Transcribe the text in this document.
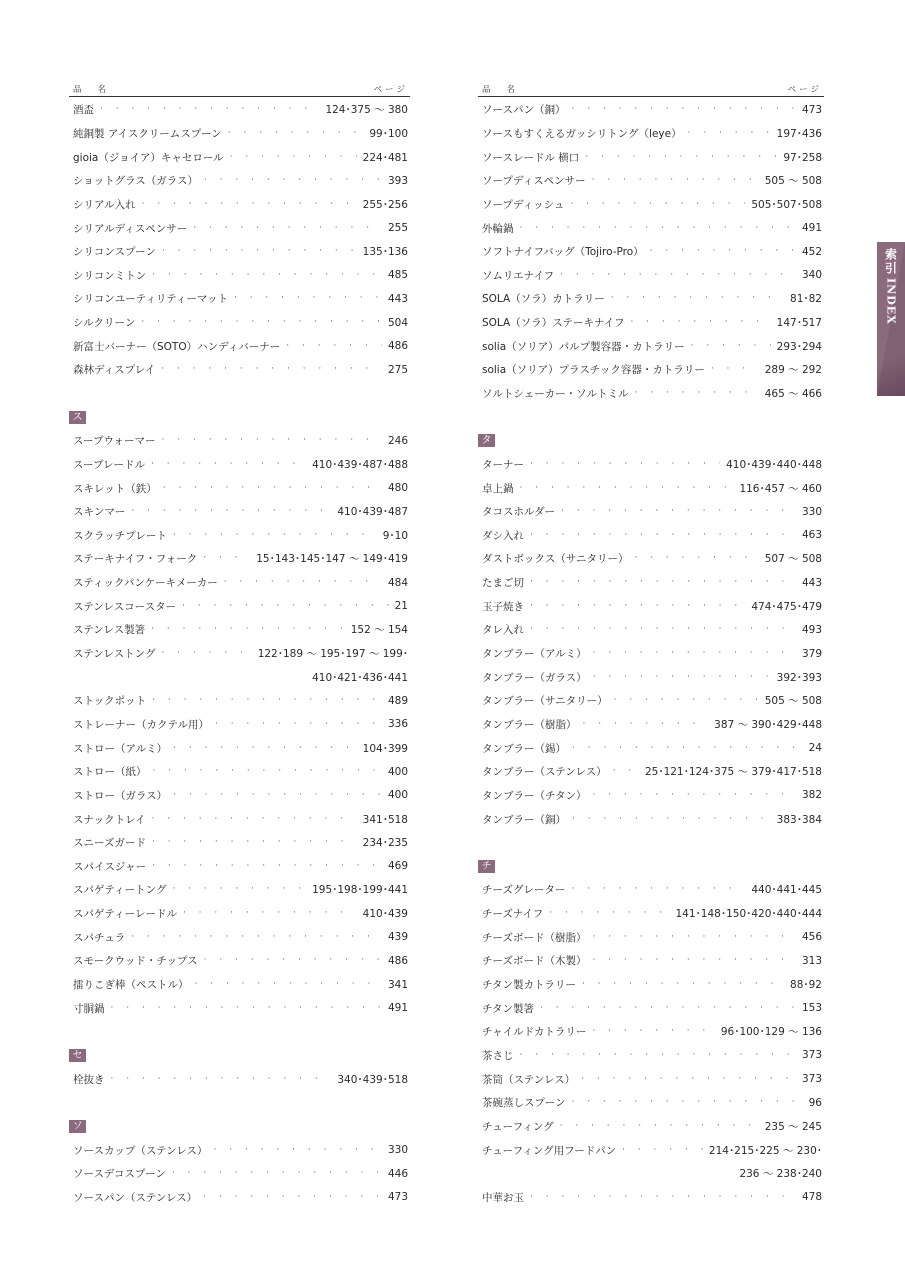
品名	ページ
酒盃 · · ·	124･375 ～ 380
純銅製 アイスクリームスプーン · · ·	99･100
gioia（ジョイア）キャセロール · · ·	224･481
ショットグラス（ガラス） · · ·	393
シリアル入れ · · ·	255･256
シリアルディスペンサー · · ·	255
シリコンスプーン · · ·	135･136
シリコンミトン · · ·	485
シリコンユーティリティーマット · · ·	443
シルクリーン · · ·	504
新富士バーナー（SOTO）ハンディバーナー · · ·	486
森林ディスプレイ · · ·	275
ス
スープウォーマー · · ·	246
スープレードル · · ·	410･439･487･488
スキレット（鉄） · · ·	480
スキンマー · · ·	410･439･487
スクラッチプレート · · ·	9･10
ステーキナイフ・フォーク · · ·	15･143･145･147 ～ 149･419
スティックパンケーキメーカー · · ·	484
ステンレスコースター · · ·	21
ステンレス製箸 · · ·	152 ～ 154
ステンレストング · · ·	122･189 ～ 195･197 ～ 199･
410･421･436･441
ストックポット · · ·	489
ストレーナー（カクテル用） · · ·	336
ストロー（アルミ） · · ·	104･399
ストロー（紙） · · ·	400
ストロー（ガラス） · · ·	400
スナックトレイ · · ·	341･518
スニーズガード · · ·	234･235
スパイスジャー · · ·	469
スパゲティートング · · ·	195･198･199･441
スパゲティーレードル · · ·	410･439
スパチュラ · · ·	439
スモークウッド・チップス · · ·	486
擂りこぎ棒（ペストル） · · ·	341
寸胴鍋 · · ·	491
セ
栓抜き · · ·	340･439･518
ソ
ソースカップ（ステンレス） · · ·	330
ソースデコスプーン · · ·	446
ソースパン（ステンレス） · · ·	473
品名	ページ
ソースパン（銅） · · ·	473
ソースもすくえるガッシリトング（leye） · · ·	197･436
ソースレードル 横口 · · ·	97･258
ソープディスペンサー · · ·	505 ～ 508
ソープディッシュ · · ·	505･507･508
外輪鍋 · · ·	491
ソフトナイフバッグ（Tojiro-Pro） · · ·	452
ソムリエナイフ · · ·	340
SOLA（ソラ）カトラリー · · ·	81･82
SOLA（ソラ）ステーキナイフ · · ·	147･517
solia（ソリア）パルプ製容器・カトラリー · · ·	293･294
solia（ソリア）プラスチック容器・カトラリー · · ·	289 ～ 292
ソルトシェーカー・ソルトミル · · ·	465 ～ 466
タ
ターナー · · ·	410･439･440･448
卓上鍋 · · ·	116･457 ～ 460
タコスホルダー · · ·	330
ダシ入れ · · ·	463
ダストボックス（サニタリー） · · ·	507 ～ 508
たまご切 · · ·	443
玉子焼き · · ·	474･475･479
タレ入れ · · ·	493
タンブラー（アルミ） · · ·	379
タンブラー（ガラス） · · ·	392･393
タンブラー（サニタリー） · · ·	505 ～ 508
タンブラー（樹脂） · · ·	387 ～ 390･429･448
タンブラー（錫） · · ·	24
タンブラー（ステンレス） · · ·	25･121･124･375 ～ 379･417･518
タンブラー（チタン） · · ·	382
タンブラー（銅） · · ·	383･384
チ
チーズグレーター · · ·	440･441･445
チーズナイフ · · ·	141･148･150･420･440･444
チーズボード（樹脂） · · ·	456
チーズボード（木製） · · ·	313
チタン製カトラリー · · ·	88･92
チタン製箸 · · ·	153
チャイルドカトラリー · · ·	96･100･129 ～ 136
茶さじ · · ·	373
茶筒（ステンレス） · · ·	373
茶碗蒸しスプーン · · ·	96
チューフィング · · ·	235 ～ 245
チューフィング用フードパン · · ·	214･215･225 ～ 230･
236 ～ 238･240
中華お玉 · · ·	478
索引
INDEX
